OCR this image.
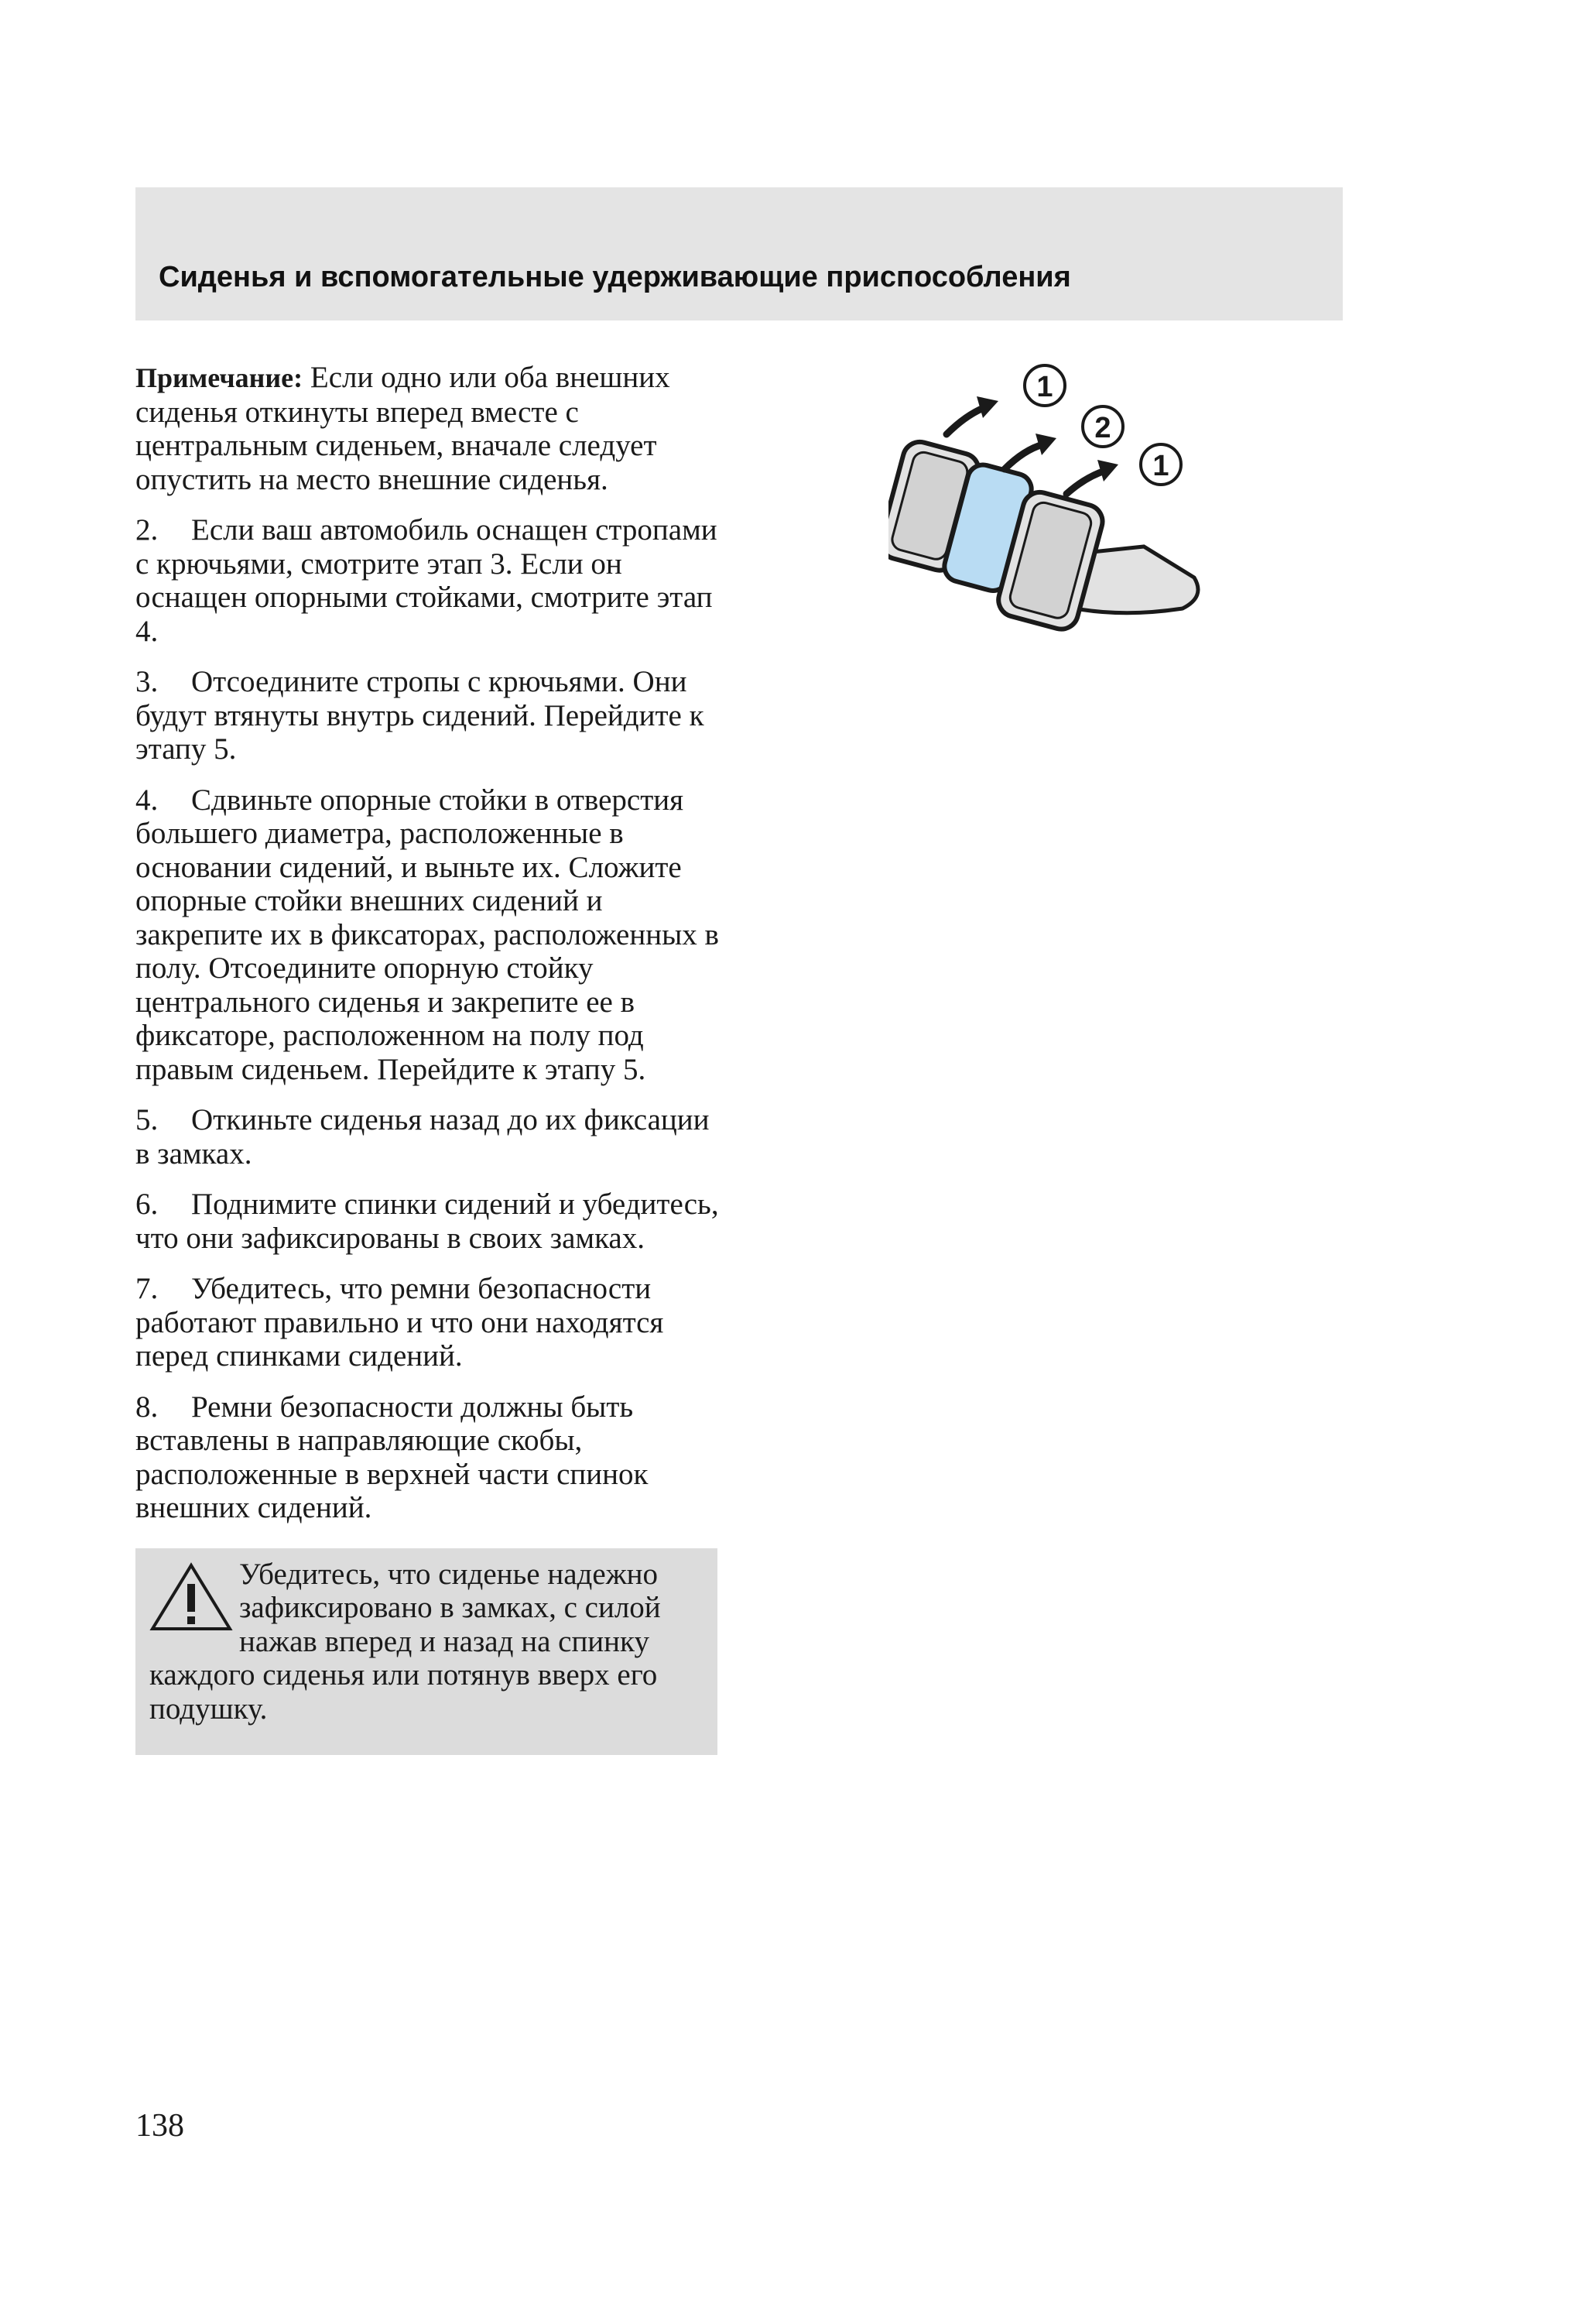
Сиденья и вспомогательные удерживающие приспособления

Примечание: Если одно или оба внешних сиденья откинуты вперед вместе с центральным сиденьем, вначале следует опустить на место внешние сиденья.

2. Если ваш автомобиль оснащен стропами с крючьями, смотрите этап 3. Если он оснащен опорными стойками, смотрите этап 4.

3. Отсоедините стропы с крючьями. Они будут втянуты внутрь сидений. Перейдите к этапу 5.

4. Сдвиньте опорные стойки в отверстия большего диаметра, расположенные в основании сидений, и выньте их. Сложите опорные стойки внешних сидений и закрепите их в фиксаторах, расположенных в полу. Отсоедините опорную стойку центрального сиденья и закрепите ее в фиксаторе, расположенном на полу под правым сиденьем. Перейдите к этапу 5.

5. Откиньте сиденья назад до их фиксации в замках.

6. Поднимите спинки сидений и убедитесь, что они зафиксированы в своих замках.

7. Убедитесь, что ремни безопасности работают правильно и что они находятся перед спинками сидений.

8. Ремни безопасности должны быть вставлены в направляющие скобы, расположенные в верхней части спинок внешних сидений.

Убедитесь, что сиденье надежно зафиксировано в замках, с силой нажав вперед и назад на спинку каждого сиденья или потянув вверх его подушку.

1
2
1
138
